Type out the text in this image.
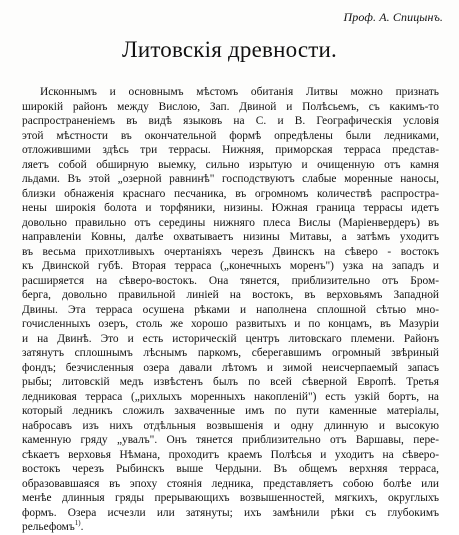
Проф. А. Спицынъ.
Литовскія древности.
Исконнымъ и основнымъ мѣстомъ обитанія Литвы можно признать
широкій районъ между Вислою, Зап. Двиной и Полѣсьемъ, съ какимъ-то
распространеніемъ въ видѣ языковъ на С. и В. Географическія условія
этой мѣстности въ окончательной формѣ опредѣлены были ледниками,
отложившими здѣсь три террасы. Нижняя, приморская терраса представ-
ляетъ собой обширную выемку, сильно изрытую и очищенную отъ камня
льдами. Въ этой „озерной равнинѣ" господствуютъ слабые моренные наносы,
близки обнаженія краснаго песчаника, въ огромномъ количествѣ распростра-
нены широкія болота и торфяники, низины. Южная граница террасы идетъ
довольно правильно отъ середины нижняго плеса Вислы (Маріенвердеръ) въ
направленіи Ковны, далѣе охватываетъ низины Митавы, а затѣмъ уходитъ
въ весьма прихотливыхъ очертаніяхъ черезъ Двинскъ на сѣверо - востокъ
къ Двинской губѣ. Вторая терраса („конечныхъ моренъ") узка на западъ и
расширяется на сѣверо-востокъ. Она тянется, приблизительно отъ Бром-
берга, довольно правильной линіей на востокъ, въ верховьямъ Западной
Двины. Эта терраса осушена рѣками и наполнена сплошной сѣтью мно-
гочисленныхъ озеръ, столь же хорошо развитыхъ и по концамъ, въ Мазуріи
и на Двинѣ. Это и есть историческій центръ литовскаго племени. Районъ
затянутъ сплошнымъ лѣснымъ паркомъ, сберегавшимъ огромный звѣриный
фондъ; безчисленныя озера давали лѣтомъ и зимой неисчерпаемый запасъ
рыбы; литовскій медъ извѣстенъ былъ по всей сѣверной Европѣ. Третья
ледниковая терраса („рихлыхъ моренныхъ накопленій") есть узкій бортъ, на
который ледникъ сложилъ захваченные имъ по пути каменные матеріалы,
набросавъ изъ нихъ отдѣльныя возвышенія и одну длинную и высокую
каменную гряду „увалъ". Онъ тянется приблизительно отъ Варшавы, пере-
сѣкаетъ верховья Нѣмана, проходитъ краемъ Полѣсья и уходитъ на сѣверо-
востокъ черезъ Рыбинскъ выше Чердыни. Въ общемъ верхняя терраса,
образовавшаяся въ эпоху стоянія ледника, представляетъ собою болѣе или
менѣе длинныя гряды прерывающихъ возвышенностей, мягкихъ, округлыхъ
формъ. Озера исчезли или затянуты; ихъ замѣнили рѣки съ глубокимъ
рельефомъ$^{1)}$.
